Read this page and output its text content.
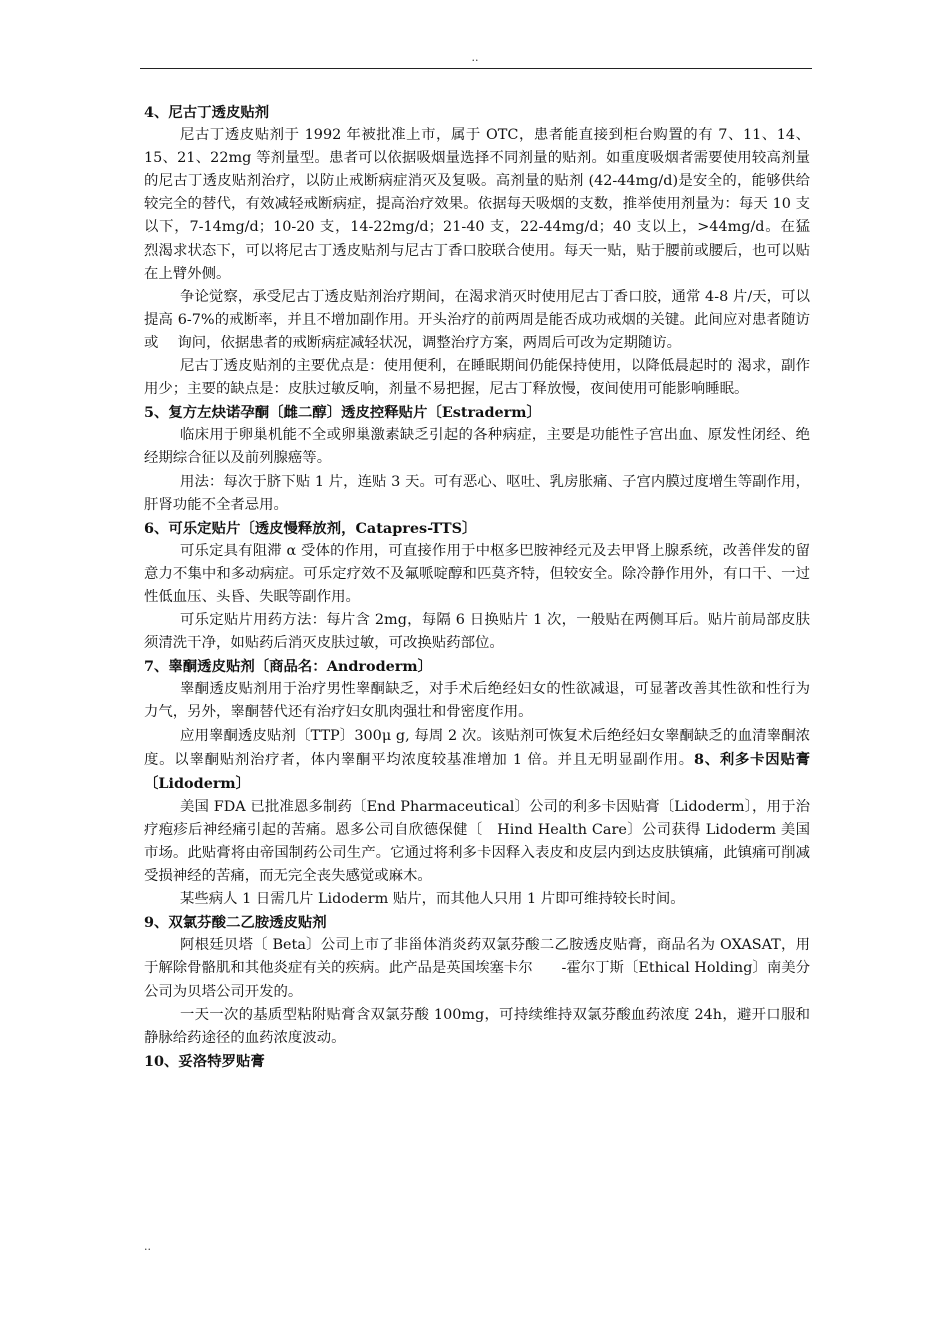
..

4、尼古丁透皮贴剂

尼古丁透皮贴剂于 1992 年被批准上市，属于 OTC，患者能直接到柜台购置的有 7、11、14、15、21、22mg 等剂量型。患者可以依据吸烟量选择不同剂量的贴剂。如重度吸烟者需要使用较高剂量的尼古丁透皮贴剂治疗，以防止戒断病症消灭及复吸。高剂量的贴剂 (42-44mg/d)是安全的，能够供给较完全的替代，有效减轻戒断病症，提高治疗效果。依据每天吸烟的支数，推举使用剂量为：每天 10 支以下，7-14mg/d；10-20 支，14-22mg/d；21-40 支，22-44mg/d；40 支以上，>44mg/d。在猛烈渴求状态下，可以将尼古丁透皮贴剂与尼古丁香口胶联合使用。每天一贴，贴于腰前或腰后，也可以贴在上臂外侧。

争论觉察，承受尼古丁透皮贴剂治疗期间，在渴求消灭时使用尼古丁香口胶，通常 4-8 片/天，可以提高 6-7%的戒断率，并且不增加副作用。开头治疗的前两周是能否成功戒烟的关键。此间应对患者随访或　 询问，依据患者的戒断病症减轻状况，调整治疗方案，两周后可改为定期随访。

尼古丁透皮贴剂的主要优点是：使用便利，在睡眠期间仍能保持使用，以降低晨起时的 渴求，副作用少；主要的缺点是：皮肤过敏反响，剂量不易把握，尼古丁释放慢，夜间使用可能影响睡眠。

5、复方左炔诺孕酮〔雌二醇〕透皮控释贴片〔Estraderm〕

临床用于卵巢机能不全或卵巢激素缺乏引起的各种病症，主要是功能性子宫出血、原发性闭经、绝经期综合征以及前列腺癌等。

用法：每次于脐下贴 1 片，连贴 3 天。可有恶心、呕吐、乳房胀痛、子宫内膜过度增生等副作用，肝肾功能不全者忌用。

6、可乐定贴片〔透皮慢释放剂，Catapres-TTS〕

可乐定具有阻滞 α 受体的作用，可直接作用于中枢多巴胺神经元及去甲肾上腺系统，改善伴发的留意力不集中和多动病症。可乐定疗效不及氟哌啶醇和匹莫齐特，但较安全。除冷静作用外，有口干、一过性低血压、头昏、失眠等副作用。

可乐定贴片用药方法：每片含 2mg，每隔 6 日换贴片 1 次，一般贴在两侧耳后。贴片前局部皮肤须清洗干净，如贴药后消灭皮肤过敏，可改换贴药部位。

7、睾酮透皮贴剂〔商品名：Androderm〕

睾酮透皮贴剂用于治疗男性睾酮缺乏，对手术后绝经妇女的性欲减退，可显著改善其性欲和性行为力气，另外，睾酮替代还有治疗妇女肌肉强壮和骨密度作用。

应用睾酮透皮贴剂〔TTP〕300μ g, 每周 2 次。该贴剂可恢复术后绝经妇女睾酮缺乏的血清睾酮浓度。以睾酮贴剂治疗者，体内睾酮平均浓度较基准增加 1 倍。并且无明显副作用。8、利多卡因贴膏〔Lidoderm〕

美国 FDA 已批准恩多制药〔End Pharmaceutical〕公司的利多卡因贴膏〔Lidoderm〕，用于治疗疱疹后神经痛引起的苦痛。恩多公司自欣德保健〔　Hind Health Care〕公司获得 Lidoderm 美国市场。此贴膏将由帝国制药公司生产。它通过将利多卡因释入表皮和皮层内到达皮肤镇痛，此镇痛可削减受损神经的苦痛，而无完全丧失感觉或麻木。

某些病人 1 日需几片 Lidoderm 贴片，而其他人只用 1 片即可维持较长时间。

9、双氯芬酸二乙胺透皮贴剂

阿根廷贝塔〔 Beta〕公司上市了非甾体消炎药双氯芬酸二乙胺透皮贴膏，商品名为 OXASAT，用于解除骨骼肌和其他炎症有关的疾病。此产品是英国埃塞卡尔　　-霍尔丁斯〔Ethical Holding〕南美分公司为贝塔公司开发的。

一天一次的基质型粘附贴膏含双氯芬酸 100mg，可持续维持双氯芬酸血药浓度 24h，避开口服和静脉给药途径的血药浓度波动。

10、妥洛特罗贴膏

..
